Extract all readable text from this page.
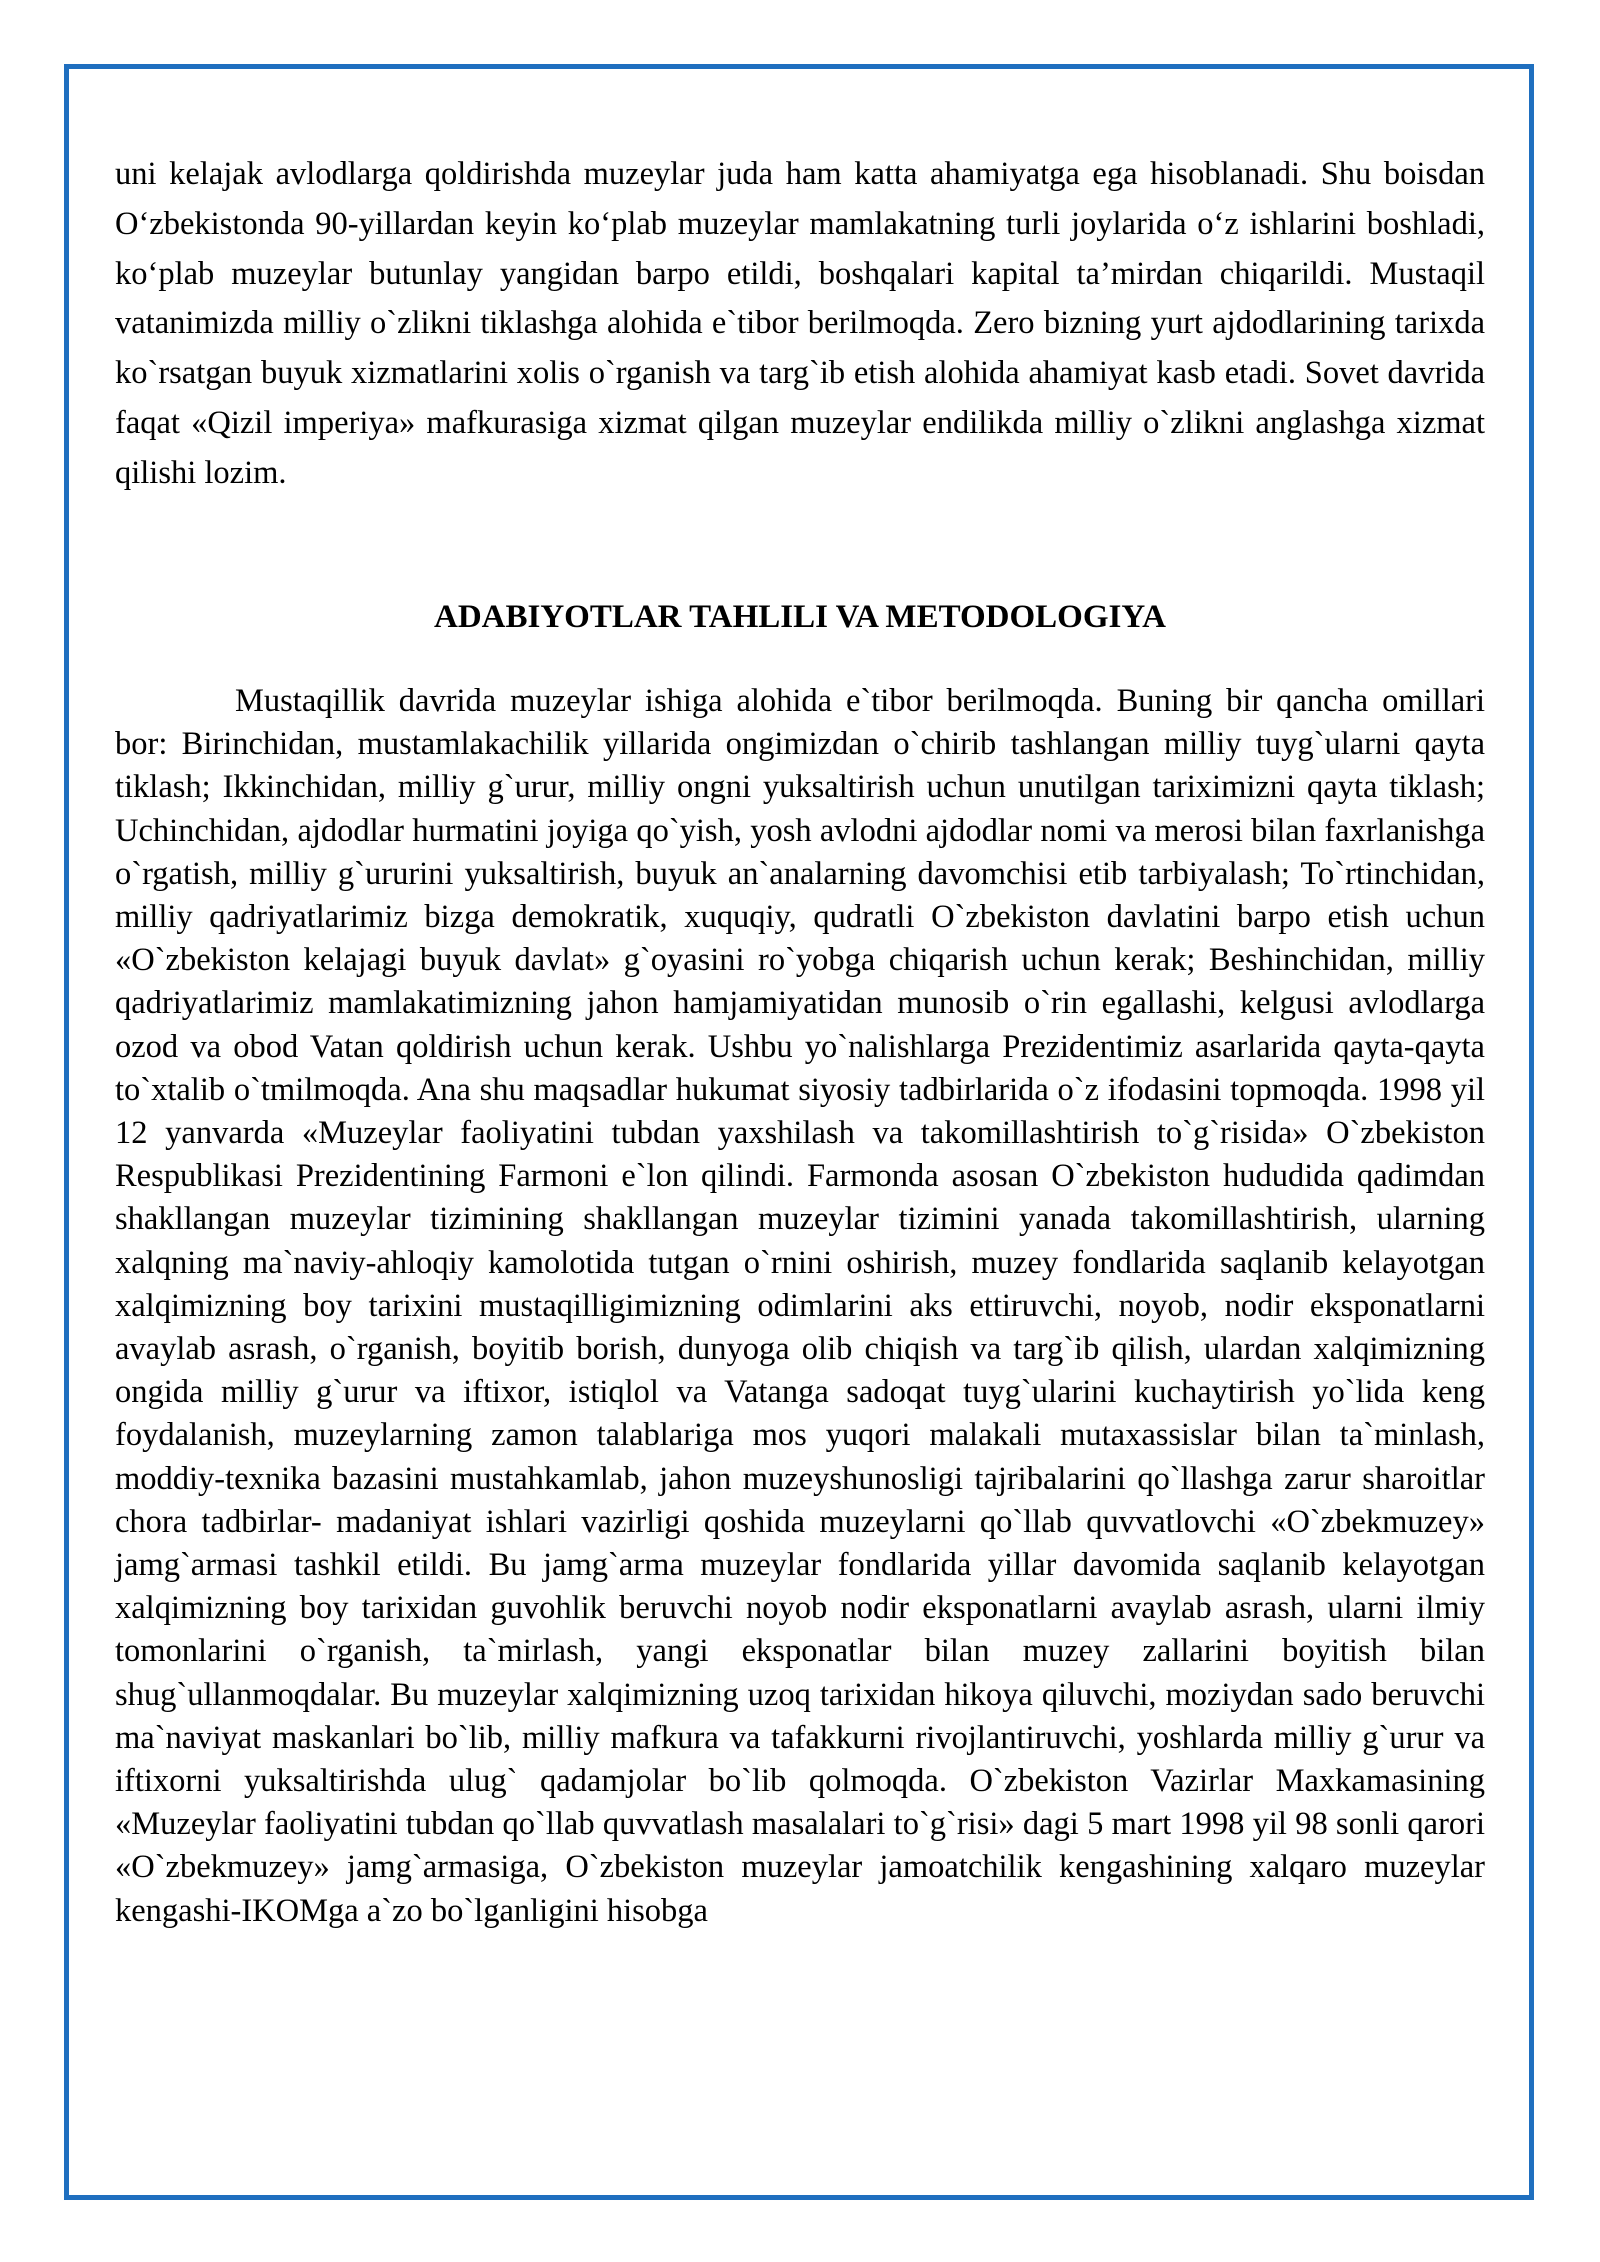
uni kelajak avlodlarga qoldirishda muzeylar juda ham katta ahamiyatga ega hisoblanadi. Shu boisdan O‘zbekistonda 90-yillardan keyin ko‘plab muzeylar mamlakatning turli joylarida o‘z ishlarini boshladi, ko‘plab muzeylar butunlay yangidan barpo etildi, boshqalari kapital ta’mirdan chiqarildi. Mustaqil vatanimizda milliy o`zlikni tiklashga alohida e`tibor berilmoqda. Zero bizning yurt ajdodlarining tarixda ko`rsatgan buyuk xizmatlarini xolis o`rganish va targ`ib etish alohida ahamiyat kasb etadi. Sovet davrida faqat «Qizil imperiya» mafkurasiga xizmat qilgan muzeylar endilikda milliy o`zlikni anglashga xizmat qilishi lozim.

ADABIYOTLAR TAHLILI VA METODOLOGIYA

Mustaqillik davrida muzeylar ishiga alohida e`tibor berilmoqda. Buning bir qancha omillari bor: Birinchidan, mustamlakachilik yillarida ongimizdan o`chirib tashlangan milliy tuyg`ularni qayta tiklash; Ikkinchidan, milliy g`urur, milliy ongni yuksaltirish uchun unutilgan tariximizni qayta tiklash; Uchinchidan, ajdodlar hurmatini joyiga qo`yish, yosh avlodni ajdodlar nomi va merosi bilan faxrlanishga o`rgatish, milliy g`ururini yuksaltirish, buyuk an`analarning davomchisi etib tarbiyalash; To`rtinchidan, milliy qadriyatlarimiz bizga demokratik, xuquqiy, qudratli O`zbekiston davlatini barpo etish uchun «O`zbekiston kelajagi buyuk davlat» g`oyasini ro`yobga chiqarish uchun kerak; Beshinchidan, milliy qadriyatlarimiz mamlakatimizning jahon hamjamiyatidan munosib o`rin egallashi, kelgusi avlodlarga ozod va obod Vatan qoldirish uchun kerak. Ushbu yo`nalishlarga Prezidentimiz asarlarida qayta-qayta to`xtalib o`tmilmoqda. Ana shu maqsadlar hukumat siyosiy tadbirlarida o`z ifodasini topmoqda. 1998 yil 12 yanvarda «Muzeylar faoliyatini tubdan yaxshilash va takomillashtirish to`g`risida» O`zbekiston Respublikasi Prezidentining Farmoni e`lon qilindi. Farmonda asosan O`zbekiston hududida qadimdan shakllangan muzeylar tizimining shakllangan muzeylar tizimini yanada takomillashtirish, ularning xalqning ma`naviy-ahloqiy kamolotida tutgan o`rnini oshirish, muzey fondlarida saqlanib kelayotgan xalqimizning boy tarixini mustaqilligimizning odimlarini aks ettiruvchi, noyob, nodir eksponatlarni avaylab asrash, o`rganish, boyitib borish, dunyoga olib chiqish va targ`ib qilish, ulardan xalqimizning ongida milliy g`urur va iftixor, istiqlol va Vatanga sadoqat tuyg`ularini kuchaytirish yo`lida keng foydalanish, muzeylarning zamon talablariga mos yuqori malakali mutaxassislar bilan ta`minlash, moddiy-texnika bazasini mustahkamlab, jahon muzeyshunosligi tajribalarini qo`llashga zarur sharoitlar chora tadbirlar- madaniyat ishlari vazirligi qoshida muzeylarni qo`llab quvvatlovchi «O`zbekmuzey» jamg`armasi tashkil etildi. Bu jamg`arma muzeylar fondlarida yillar davomida saqlanib kelayotgan xalqimizning boy tarixidan guvohlik beruvchi noyob nodir eksponatlarni avaylab asrash, ularni ilmiy tomonlarini o`rganish, ta`mirlash, yangi eksponatlar bilan muzey zallarini boyitish bilan shug`ullanmoqdalar. Bu muzeylar xalqimizning uzoq tarixidan hikoya qiluvchi, moziydan sado beruvchi ma`naviyat maskanlari bo`lib, milliy mafkura va tafakkurni rivojlantiruvchi, yoshlarda milliy g`urur va iftixorni yuksaltirishda ulug` qadamjolar bo`lib qolmoqda. O`zbekiston Vazirlar Maxkamasining «Muzeylar faoliyatini tubdan qo`llab quvvatlash masalalari to`g`risi» dagi 5 mart 1998 yil 98 sonli qarori «O`zbekmuzey» jamg`armasiga, O`zbekiston muzeylar jamoatchilik kengashining xalqaro muzeylar kengashi-IKOMga a`zo bo`lganligini hisobga
